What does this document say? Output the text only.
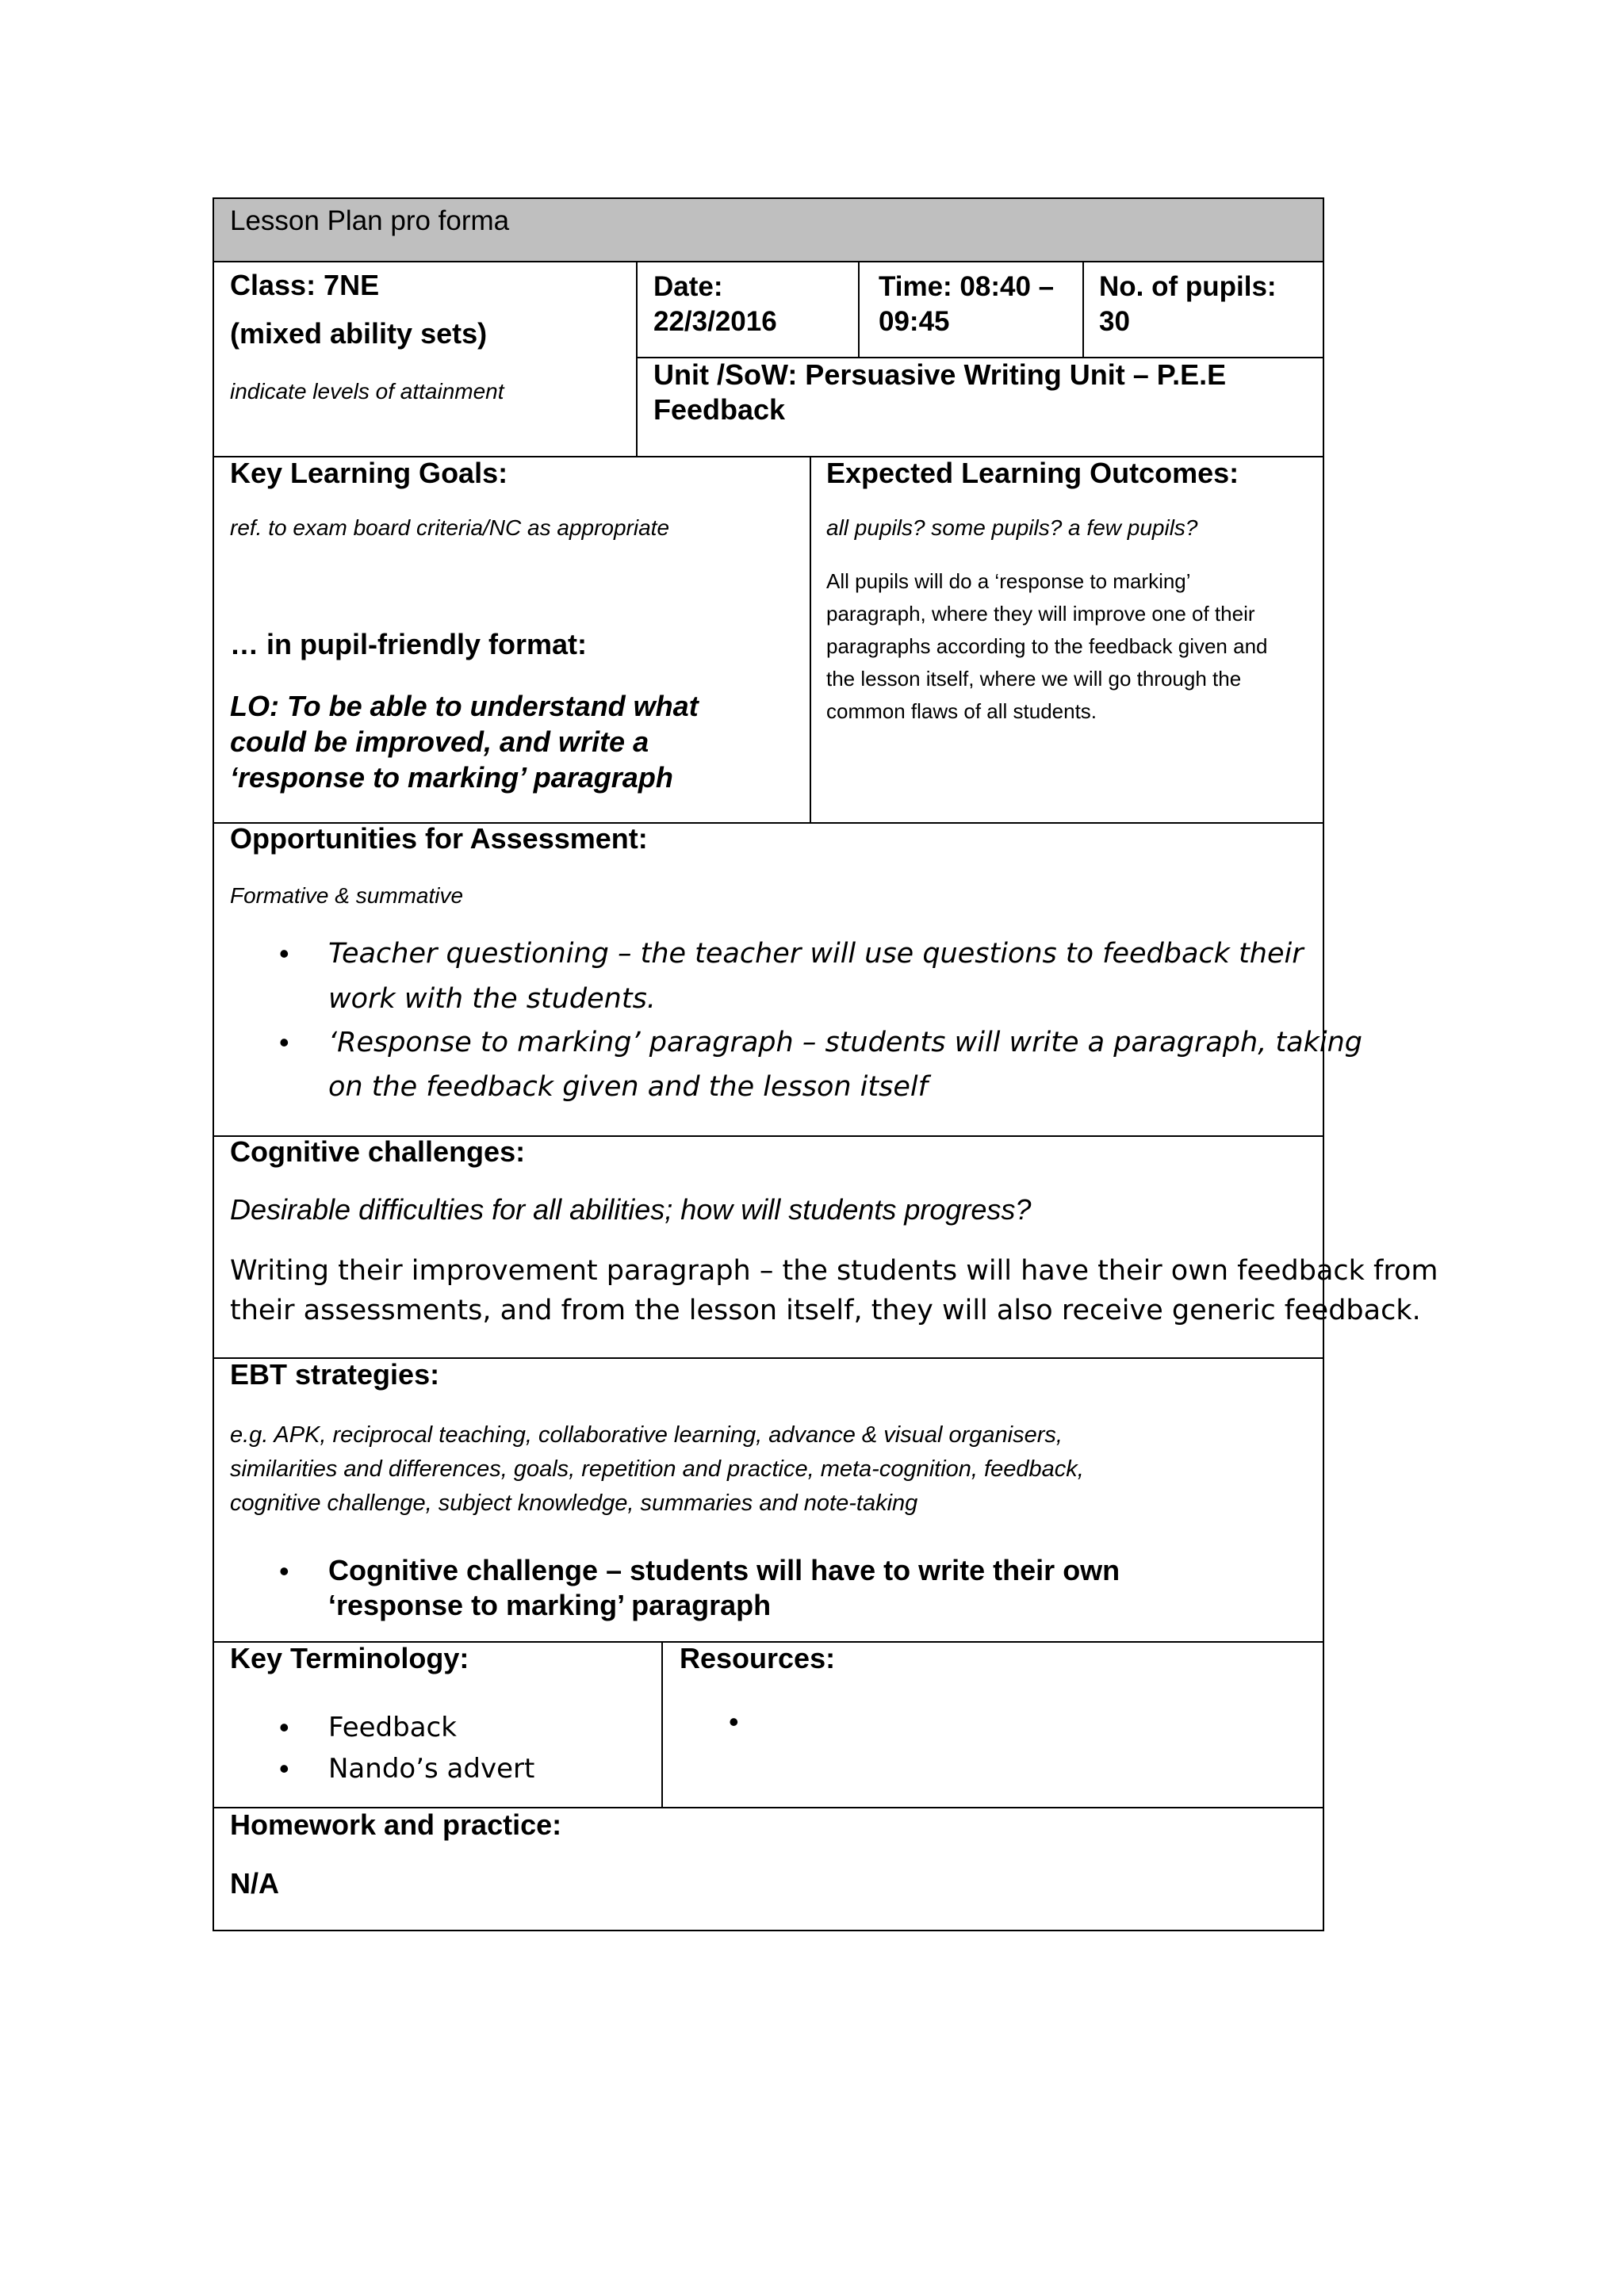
Lesson Plan pro forma
Class: 7NE
(mixed ability sets)
indicate levels of attainment
Date:
22/3/2016
Time: 08:40 –
09:45
No. of pupils:
30
Unit /SoW: Persuasive Writing Unit – P.E.E
Feedback
Key Learning Goals:
ref. to exam board criteria/NC as appropriate
… in pupil-friendly format:
LO: To be able to understand what
could be improved, and write a
‘response to marking’ paragraph
Expected Learning Outcomes:
all pupils? some pupils? a few pupils?
All pupils will do a ‘response to marking’
paragraph, where they will improve one of their
paragraphs according to the feedback given and
the lesson itself, where we will go through the
common flaws of all students.
Opportunities for Assessment:
Formative & summative
• Teacher questioning – the teacher will use questions to feedback their
work with the students.
• ‘Response to marking’ paragraph – students will write a paragraph, taking
on the feedback given and the lesson itself
Cognitive challenges:
Desirable difficulties for all abilities; how will students progress?
Writing their improvement paragraph – the students will have their own feedback from
their assessments, and from the lesson itself, they will also receive generic feedback.
EBT strategies:
e.g. APK, reciprocal teaching, collaborative learning, advance & visual organisers,
similarities and differences, goals, repetition and practice, meta-cognition, feedback,
cognitive challenge, subject knowledge, summaries and note-taking
• Cognitive challenge – students will have to write their own
‘response to marking’ paragraph
Key Terminology:
• Feedback
• Nando’s advert
Resources:
•
Homework and practice:
N/A
